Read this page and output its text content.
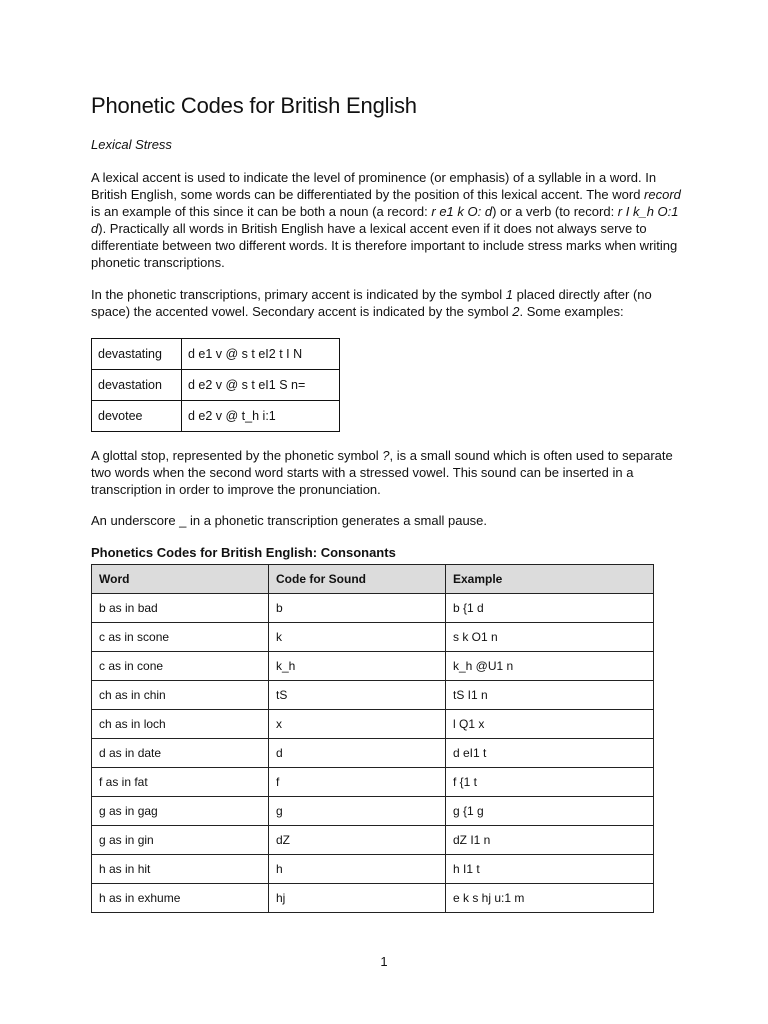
Phonetic Codes for British English

Lexical Stress

A lexical accent is used to indicate the level of prominence (or emphasis) of a syllable in a word. In British English, some words can be differentiated by the position of this lexical accent. The word record is an example of this since it can be both a noun (a record: r e1 k O: d) or a verb (to record: r I k_h O:1 d). Practically all words in British English have a lexical accent even if it does not always serve to differentiate between two different words. It is therefore important to include stress marks when writing phonetic transcriptions.

In the phonetic transcriptions, primary accent is indicated by the symbol 1 placed directly after (no space) the accented vowel. Secondary accent is indicated by the symbol 2. Some examples:

devastating	d e1 v @ s t eI2 t I N
devastation	d e2 v @ s t eI1 S n=
devotee	d e2 v @ t_h i:1

A glottal stop, represented by the phonetic symbol ?, is a small sound which is often used to separate two words when the second word starts with a stressed vowel. This sound can be inserted in a transcription in order to improve the pronunciation.

An underscore _ in a phonetic transcription generates a small pause.

Phonetics Codes for British English: Consonants

Word	Code for Sound	Example
b as in bad	b	b {1 d
c as in scone	k	s k O1 n
c as in cone	k_h	k_h @U1 n
ch as in chin	tS	tS I1 n
ch as in loch	x	l Q1 x
d as in date	d	d eI1 t
f as in fat	f	f {1 t
g as in gag	g	g {1 g
g as in gin	dZ	dZ I1 n
h as in hit	h	h I1 t
h as in exhume	hj	e k s hj u:1 m
1
